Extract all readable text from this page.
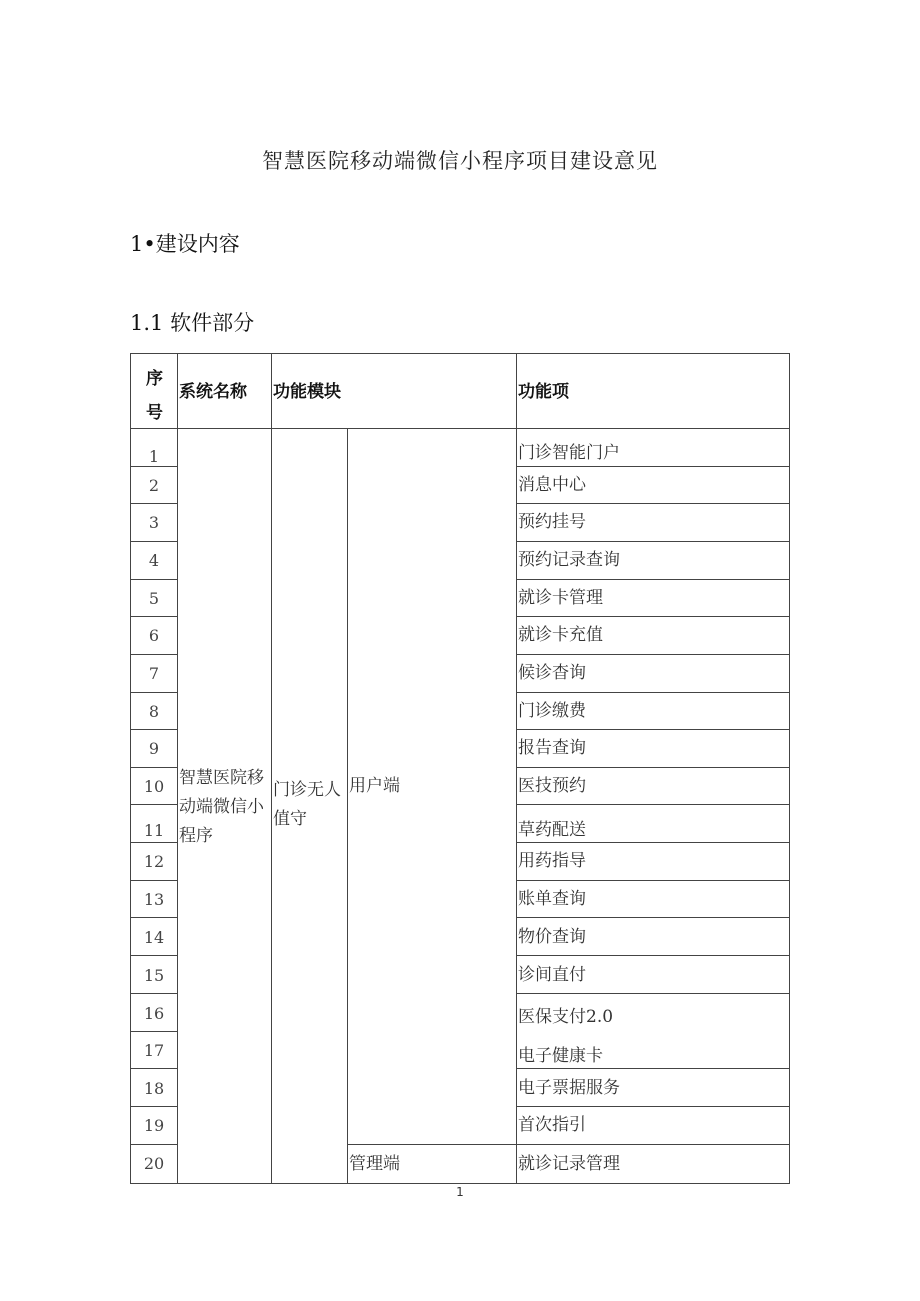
智慧医院移动端微信小程序项目建设意见
1•建设内容
1.1 软件部分
序
号
系统名称 功能模块	功能项
智慧医院移动端微信小程序
门诊无人值守
用户端
管理端
1
2
3
4
5
6
7
8
9
10
11
12
13
14
15
16
17
18
19
20
门诊智能门户
消息中心
预约挂号
预约记录查询
就诊卡管理
就诊卡充值
候诊杳询
门诊缴费
报告查询
医技预约
草药配送
用药指导
账单查询
物价查询
诊间直付
医保支付2.0
电子健康卡
电子票据服务
首次指引
就诊记录管理
1
